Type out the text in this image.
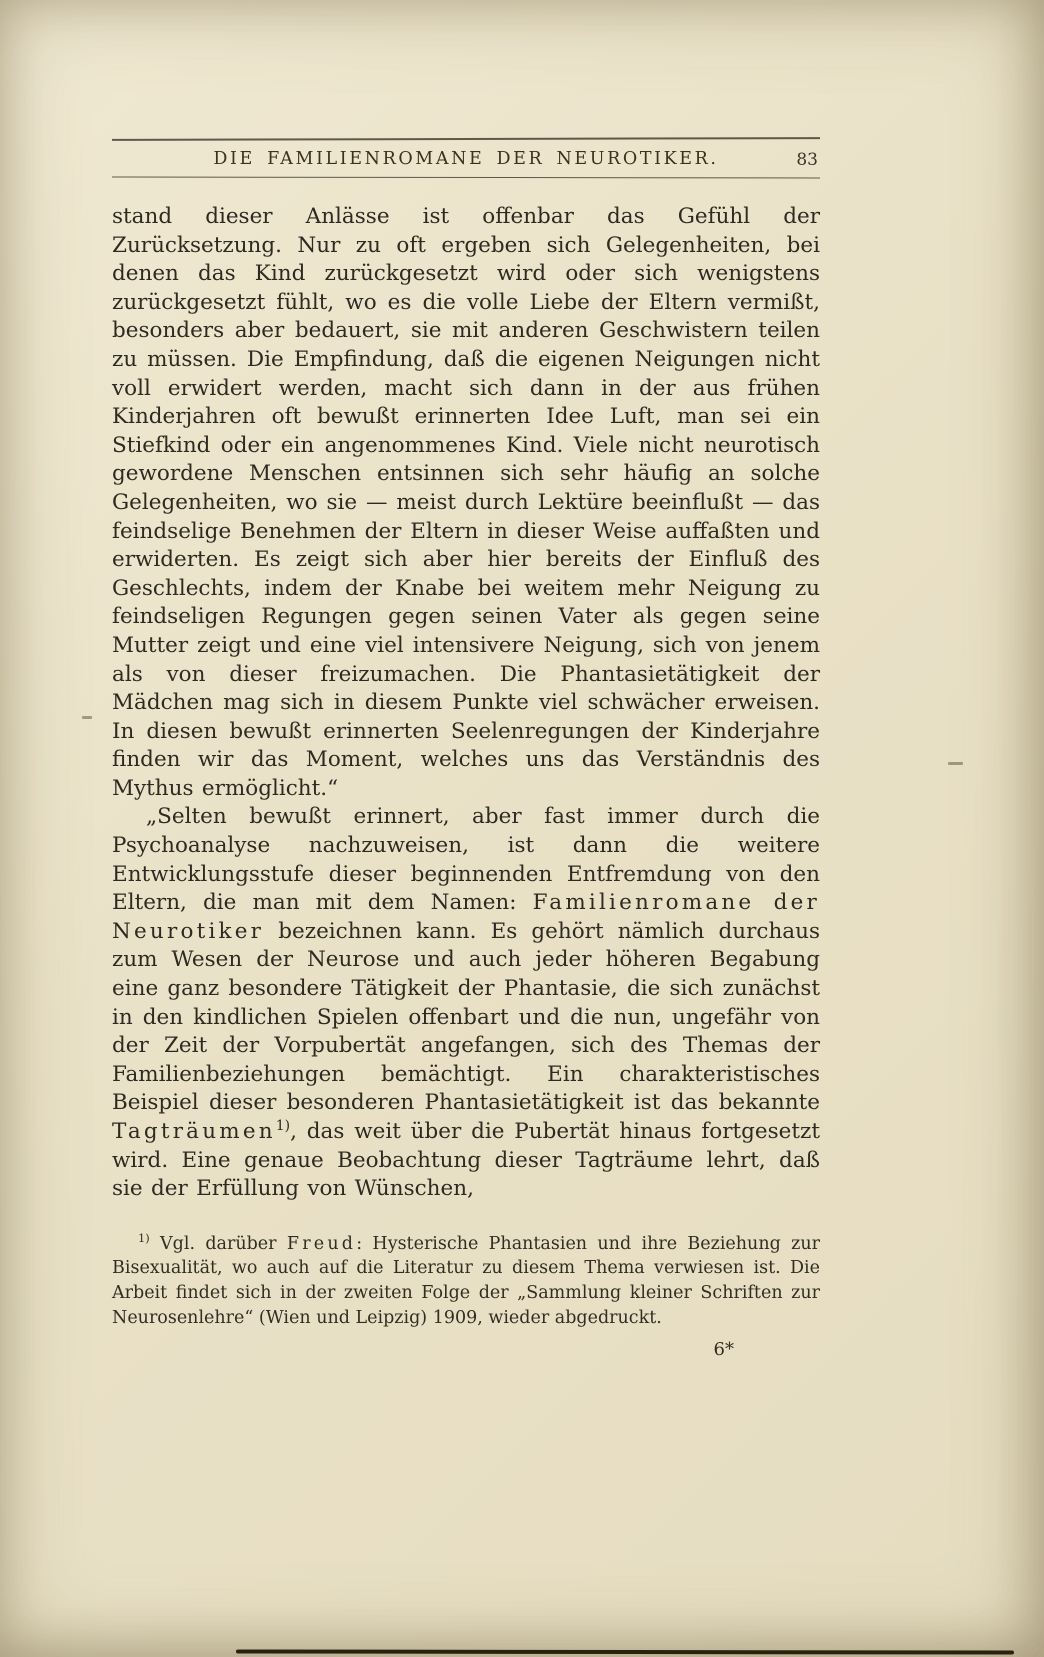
DIE FAMILIENROMANE DER NEUROTIKER.	83

stand dieser Anlässe ist offenbar das Gefühl der Zurücksetzung. Nur zu oft ergeben sich Gelegenheiten, bei denen das Kind zurückgesetzt wird oder sich wenigstens zurückgesetzt fühlt, wo es die volle Liebe der Eltern vermißt, besonders aber bedauert, sie mit anderen Geschwistern teilen zu müssen. Die Empfindung, daß die eigenen Neigungen nicht voll erwidert werden, macht sich dann in der aus frühen Kinderjahren oft bewußt erinnerten Idee Luft, man sei ein Stiefkind oder ein angenommenes Kind. Viele nicht neurotisch gewordene Menschen entsinnen sich sehr häufig an solche Gelegenheiten, wo sie — meist durch Lektüre beeinflußt — das feindselige Benehmen der Eltern in dieser Weise auffaßten und erwiderten. Es zeigt sich aber hier bereits der Einfluß des Geschlechts, indem der Knabe bei weitem mehr Neigung zu feindseligen Regungen gegen seinen Vater als gegen seine Mutter zeigt und eine viel intensivere Neigung, sich von jenem als von dieser freizumachen. Die Phantasietätigkeit der Mädchen mag sich in diesem Punkte viel schwächer erweisen. In diesen bewußt erinnerten Seelenregungen der Kinderjahre finden wir das Moment, welches uns das Verständnis des Mythus ermöglicht.“

„Selten bewußt erinnert, aber fast immer durch die Psychoanalyse nachzuweisen, ist dann die weitere Entwicklungsstufe dieser beginnenden Entfremdung von den Eltern, die man mit dem Namen: Familienromane der Neurotiker bezeichnen kann. Es gehört nämlich durchaus zum Wesen der Neurose und auch jeder höheren Begabung eine ganz besondere Tätigkeit der Phantasie, die sich zunächst in den kindlichen Spielen offenbart und die nun, ungefähr von der Zeit der Vorpubertät angefangen, sich des Themas der Familienbeziehungen bemächtigt. Ein charakteristisches Beispiel dieser besonderen Phantasietätigkeit ist das bekannte Tagträumen$^{1)}$, das weit über die Pubertät hinaus fortgesetzt wird. Eine genaue Beobachtung dieser Tagträume lehrt, daß sie der Erfüllung von Wünschen,

$^{1)}$ Vgl. darüber Freud: Hysterische Phantasien und ihre Beziehung zur Bisexualität, wo auch auf die Literatur zu diesem Thema verwiesen ist. Die Arbeit findet sich in der zweiten Folge der „Sammlung kleiner Schriften zur Neurosenlehre“ (Wien und Leipzig) 1909, wieder abgedruckt.

6*
